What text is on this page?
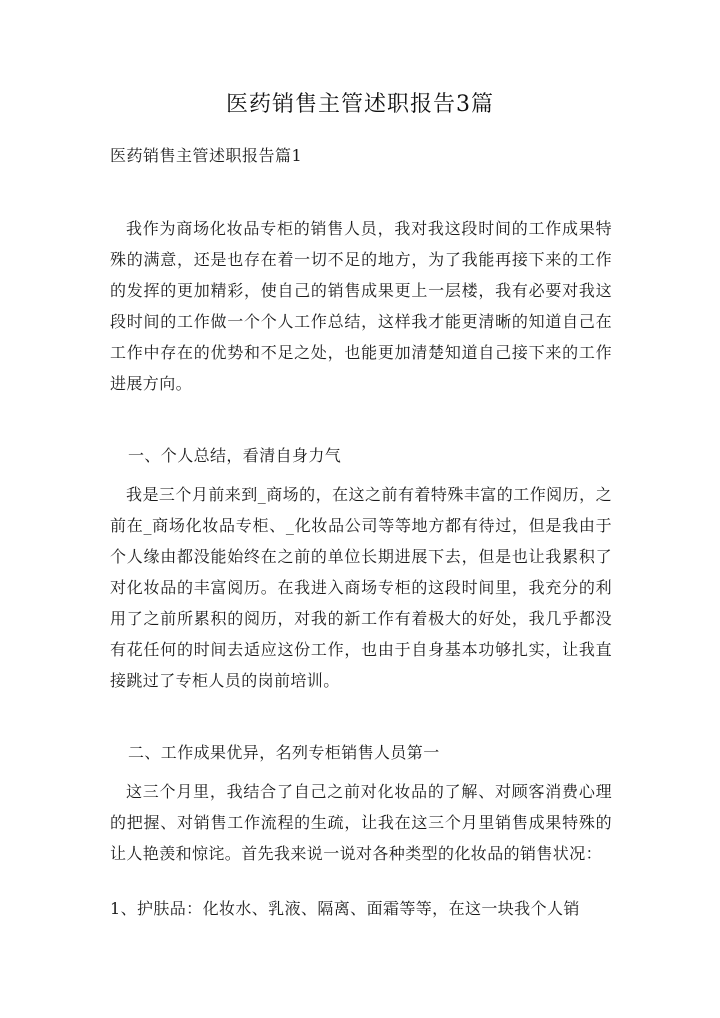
医药销售主管述职报告3篇
医药销售主管述职报告篇1

我作为商场化妆品专柜的销售人员，我对我这段时间的工作成果特殊的满意，还是也存在着一切不足的地方，为了我能再接下来的工作的发挥的更加精彩，使自己的销售成果更上一层楼，我有必要对我这段时间的工作做一个个人工作总结，这样我才能更清晰的知道自己在工作中存在的优势和不足之处，也能更加清楚知道自己接下来的工作进展方向。

一、个人总结，看清自身力气

我是三个月前来到_商场的，在这之前有着特殊丰富的工作阅历，之前在_商场化妆品专柜、_化妆品公司等等地方都有待过，但是我由于个人缘由都没能始终在之前的单位长期进展下去，但是也让我累积了对化妆品的丰富阅历。在我进入商场专柜的这段时间里，我充分的利用了之前所累积的阅历，对我的新工作有着极大的好处，我几乎都没有花任何的时间去适应这份工作，也由于自身基本功够扎实，让我直接跳过了专柜人员的岗前培训。

二、工作成果优异，名列专柜销售人员第一

这三个月里，我结合了自己之前对化妆品的了解、对顾客消费心理的把握、对销售工作流程的生疏，让我在这三个月里销售成果特殊的让人艳羡和惊诧。首先我来说一说对各种类型的化妆品的销售状况：

1、护肤品：化妆水、乳液、隔离、面霜等等，在这一块我个人销
